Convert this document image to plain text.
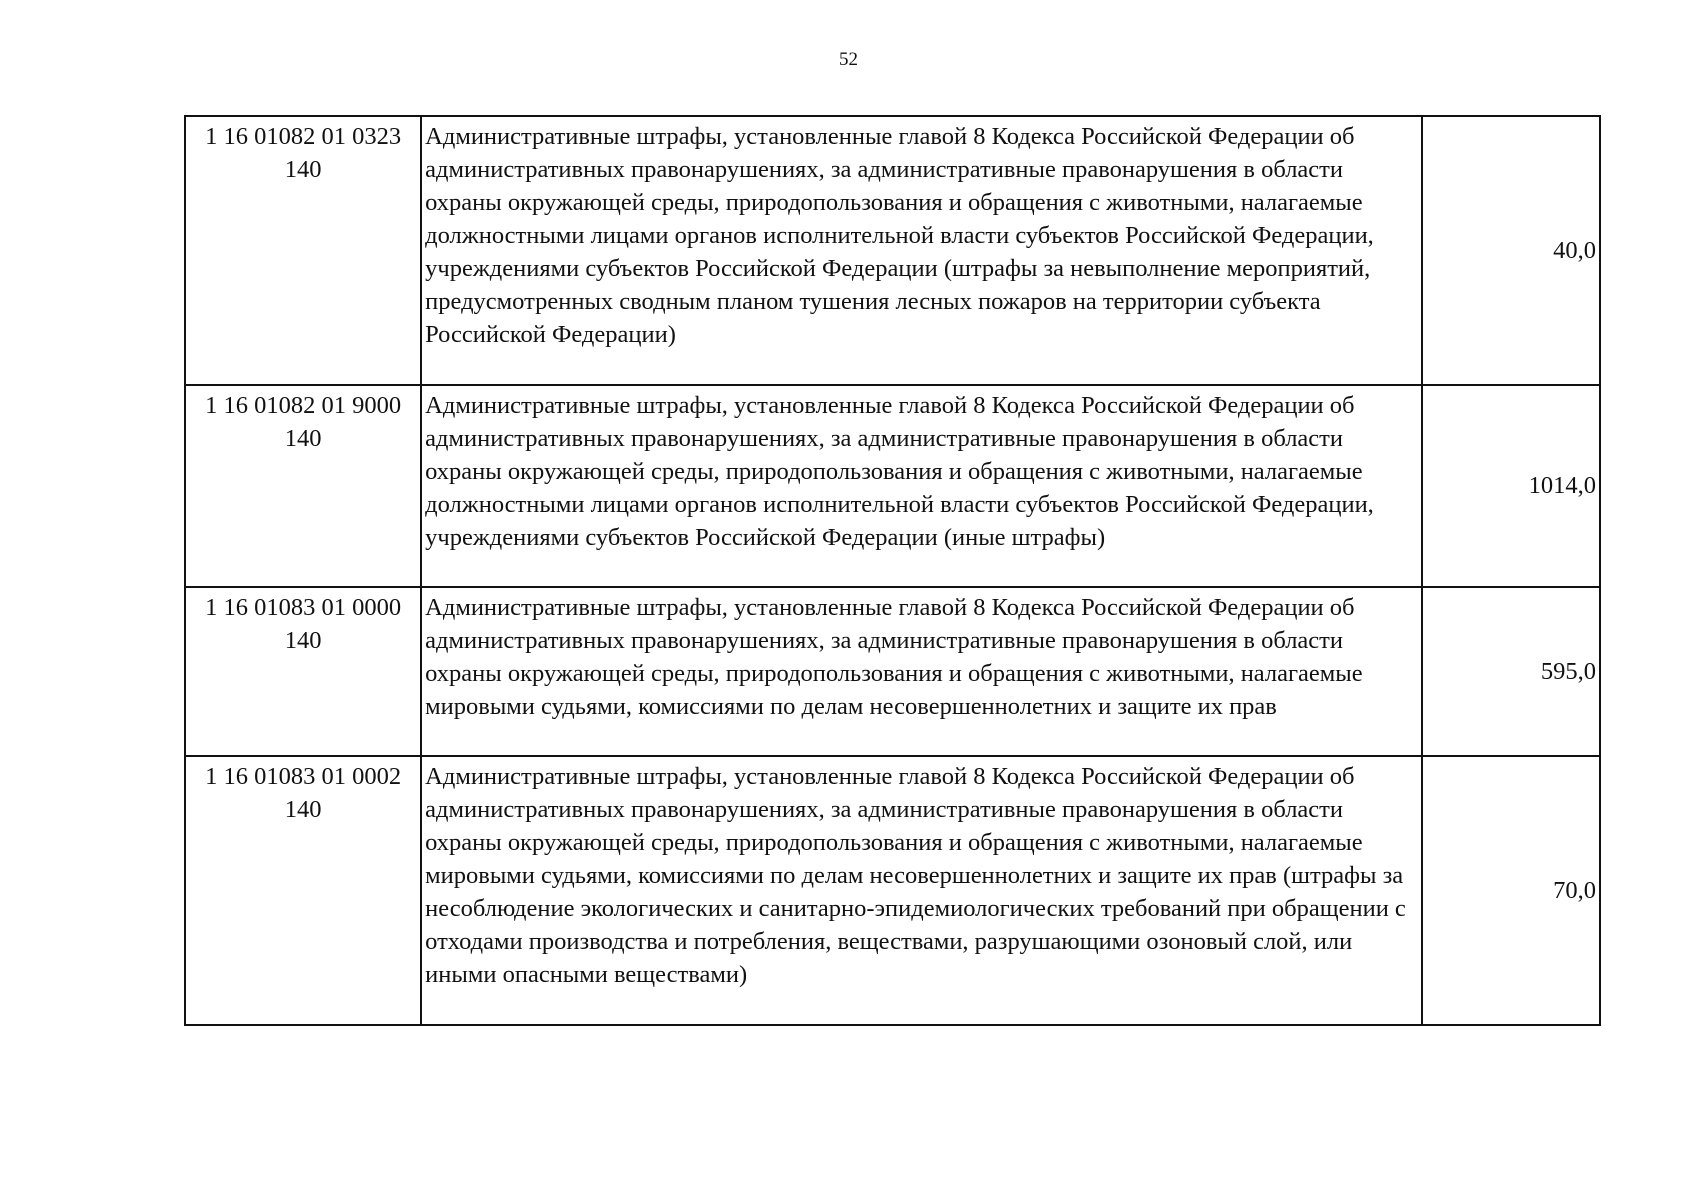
52
1 16 01082 01 0323
140	Административные штрафы, установленные главой 8 Кодекса Российской Федерации об административных правонарушениях, за административные правонарушения в области охраны окружающей среды, природопользования и обращения с животными, налагаемые должностными лицами органов исполнительной власти субъектов Российской Федерации, учреждениями субъектов Российской Федерации (штрафы за невыполнение мероприятий, предусмотренных сводным планом тушения лесных пожаров на территории субъекта Российской Федерации)	40,0

1 16 01082 01 9000
140	Административные штрафы, установленные главой 8 Кодекса Российской Федерации об административных правонарушениях, за административные правонарушения в области охраны окружающей среды, природопользования и обращения с животными, налагаемые должностными лицами органов исполнительной власти субъектов Российской Федерации, учреждениями субъектов Российской Федерации (иные штрафы)	1014,0

1 16 01083 01 0000
140	Административные штрафы, установленные главой 8 Кодекса Российской Федерации об административных правонарушениях, за административные правонарушения в области охраны окружающей среды, природопользования и обращения с животными, налагаемые мировыми судьями, комиссиями по делам несовершеннолетних и защите их прав	595,0

1 16 01083 01 0002
140	Административные штрафы, установленные главой 8 Кодекса Российской Федерации об административных правонарушениях, за административные правонарушения в области охраны окружающей среды, природопользования и обращения с животными, налагаемые мировыми судьями, комиссиями по делам несовершеннолетних и защите их прав (штрафы за несоблюдение экологических и санитарно-эпидемиологических требований при обращении с отходами производства и потребления, веществами, разрушающими озоновый слой, или иными опасными веществами)	70,0
